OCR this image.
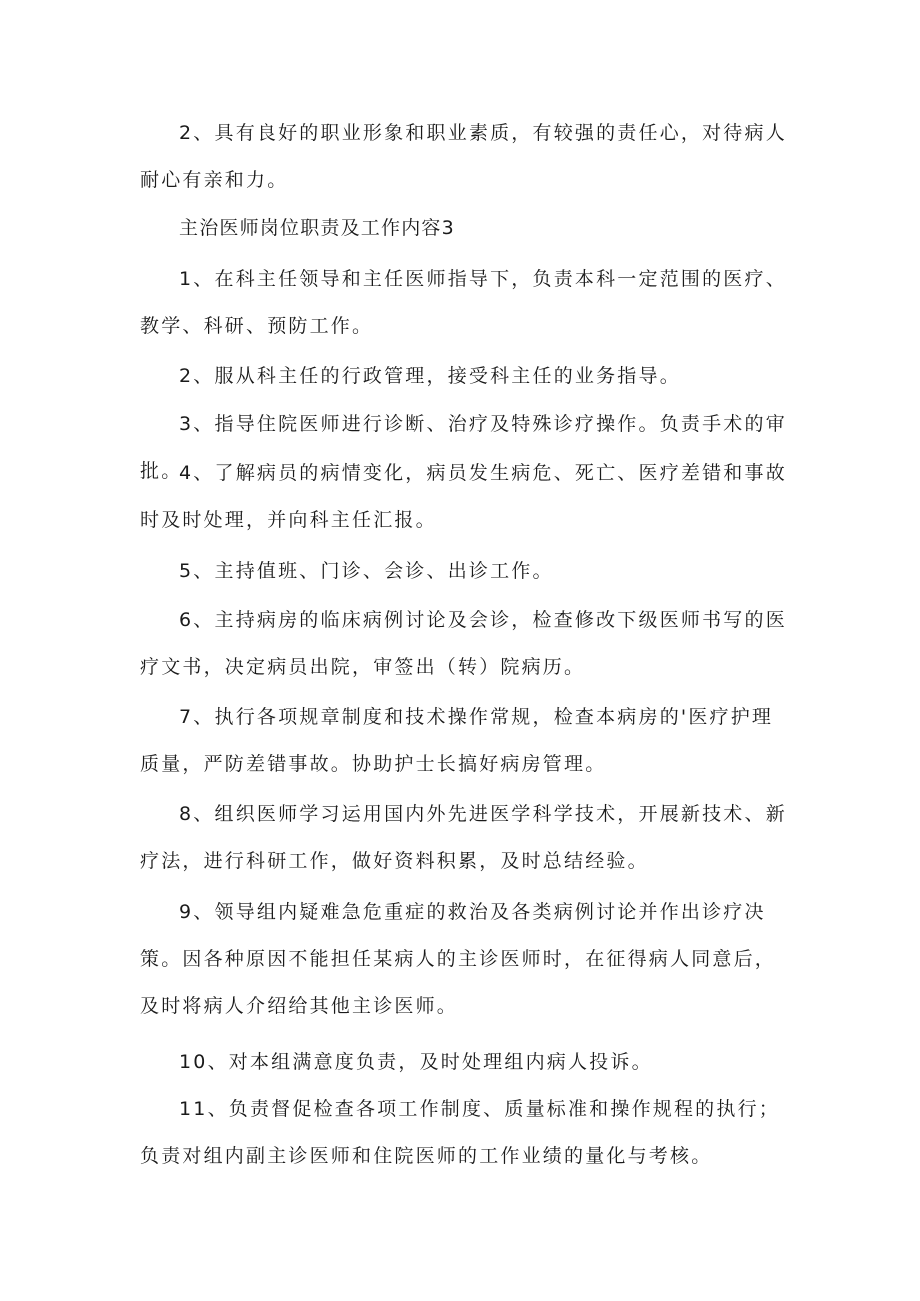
2、具有良好的职业形象和职业素质，有较强的责任心，对待病人耐心有亲和力。

主治医师岗位职责及工作内容3

1、在科主任领导和主任医师指导下，负责本科一定范围的医疗、教学、科研、预防工作。

2、服从科主任的行政管理，接受科主任的业务指导。

3、指导住院医师进行诊断、治疗及特殊诊疗操作。负责手术的审批。

4、了解病员的病情变化，病员发生病危、死亡、医疗差错和事故时及时处理，并向科主任汇报。

5、主持值班、门诊、会诊、出诊工作。

6、主持病房的临床病例讨论及会诊，检查修改下级医师书写的医疗文书，决定病员出院，审签出（转）院病历。

7、执行各项规章制度和技术操作常规，检查本病房的'医疗护理质量，严防差错事故。协助护士长搞好病房管理。

8、组织医师学习运用国内外先进医学科学技术，开展新技术、新疗法，进行科研工作，做好资料积累，及时总结经验。

9、领导组内疑难急危重症的救治及各类病例讨论并作出诊疗决策。因各种原因不能担任某病人的主诊医师时，在征得病人同意后，及时将病人介绍给其他主诊医师。

10、对本组满意度负责，及时处理组内病人投诉。

11、负责督促检查各项工作制度、质量标准和操作规程的执行；负责对组内副主诊医师和住院医师的工作业绩的量化与考核。
